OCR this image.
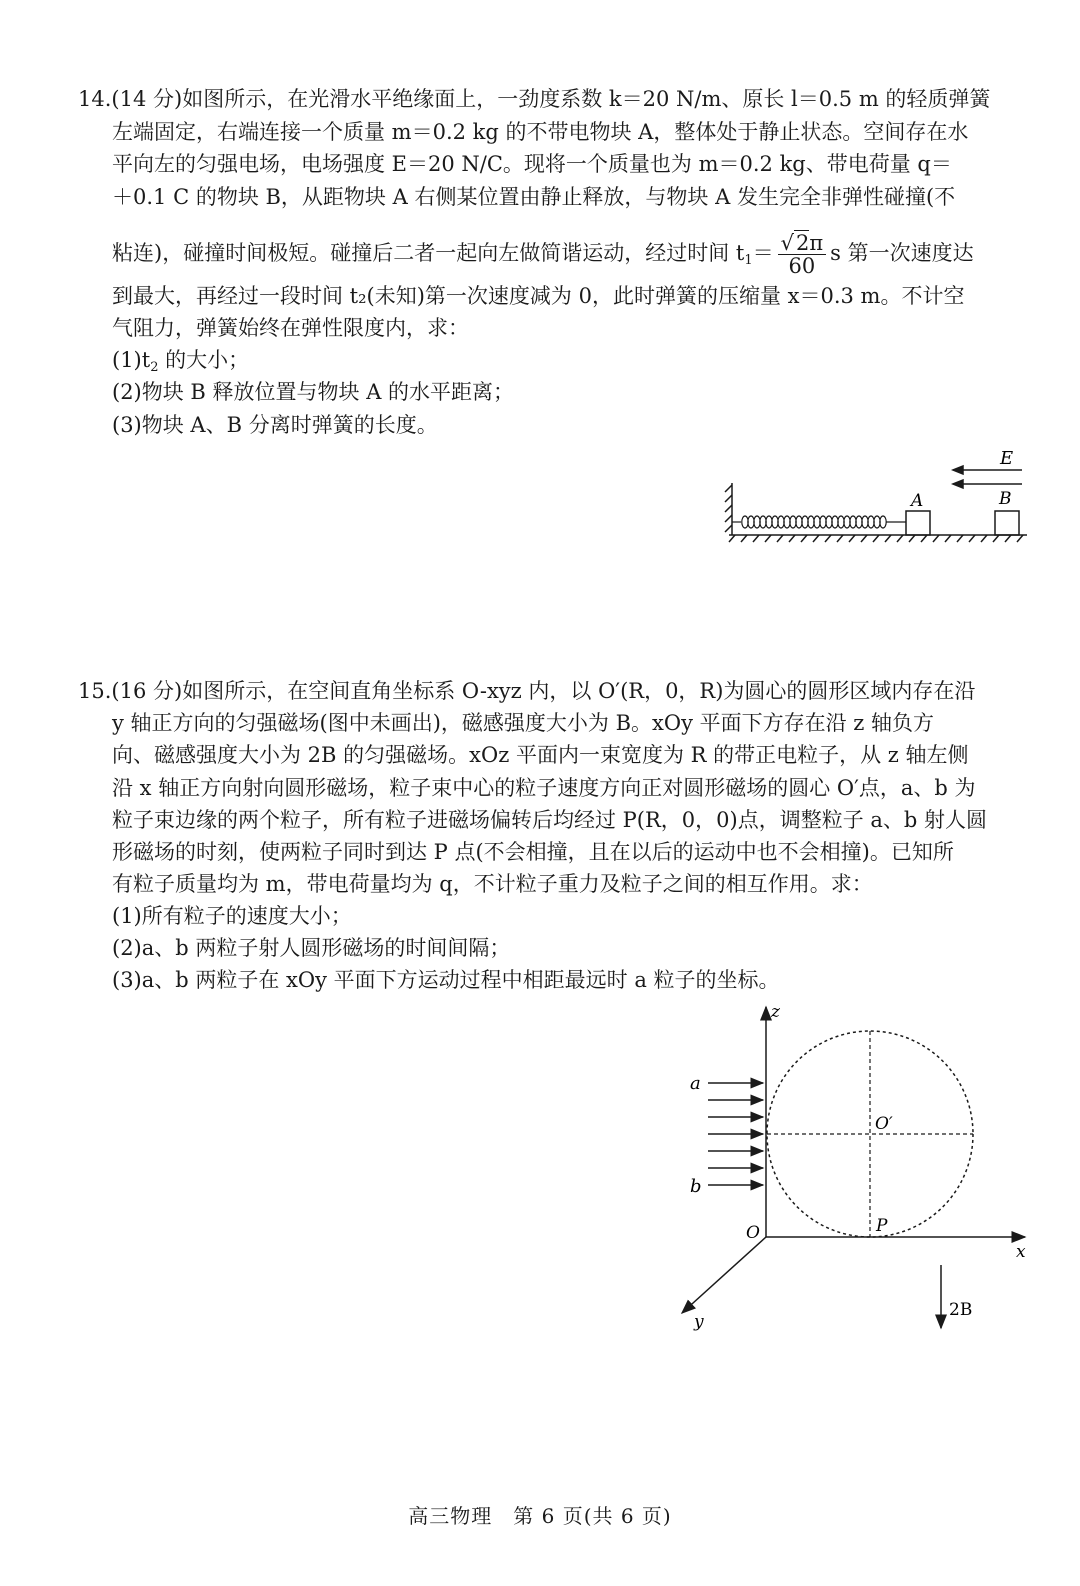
14.(14 分)如图所示，在光滑水平绝缘面上，一劲度系数 k＝20 N/m、原长 l＝0.5 m 的轻质弹簧
左端固定，右端连接一个质量 m＝0.2 kg 的不带电物块 A，整体处于静止状态。空间存在水
平向左的匀强电场，电场强度 E＝20 N/C。现将一个质量也为 m＝0.2 kg、带电荷量 q＝
＋0.1 C 的物块 B，从距物块 A 右侧某位置由静止释放，与物块 A 发生完全非弹性碰撞(不
粘连)，碰撞时间极短。碰撞后二者一起向左做简谐运动，经过时间 $t_1= \frac{√2\pi}{60}$ s 第一次速度达
到最大，再经过一段时间 t₂(未知)第一次速度减为 0，此时弹簧的压缩量 x＝0.3 m。不计空
气阻力，弹簧始终在弹性限度内，求：
$(1)t_2$ 的大小；
(2)物块 B 释放位置与物块 A 的水平距离；
(3)物块 A、B 分离时弹簧的长度。
E
A	B
15.(16 分)如图所示，在空间直角坐标系 O-xyz 内，以 O′(R，0，R)为圆心的圆形区域内存在沿
y 轴正方向的匀强磁场(图中未画出)，磁感强度大小为 B。xOy 平面下方存在沿 z 轴负方
向、磁感强度大小为 2B 的匀强磁场。xOz 平面内一束宽度为 R 的带正电粒子，从 z 轴左侧
沿 x 轴正方向射向圆形磁场，粒子束中心的粒子速度方向正对圆形磁场的圆心 O′点，a、b 为
粒子束边缘的两个粒子，所有粒子进磁场偏转后均经过 P(R，0，0)点，调整粒子 a、b 射人圆
形磁场的时刻，使两粒子同时到达 P 点(不会相撞，且在以后的运动中也不会相撞)。已知所
有粒子质量均为 m，带电荷量均为 q，不计粒子重力及粒子之间的相互作用。求：
(1)所有粒子的速度大小；
(2)a、b 两粒子射人圆形磁场的时间间隔；
(3)a、b 两粒子在 xOy 平面下方运动过程中相距最远时 a 粒子的坐标。
z
x
y
O
O′
P
a
b
2B
高三物理　第 6 页(共 6 页)
